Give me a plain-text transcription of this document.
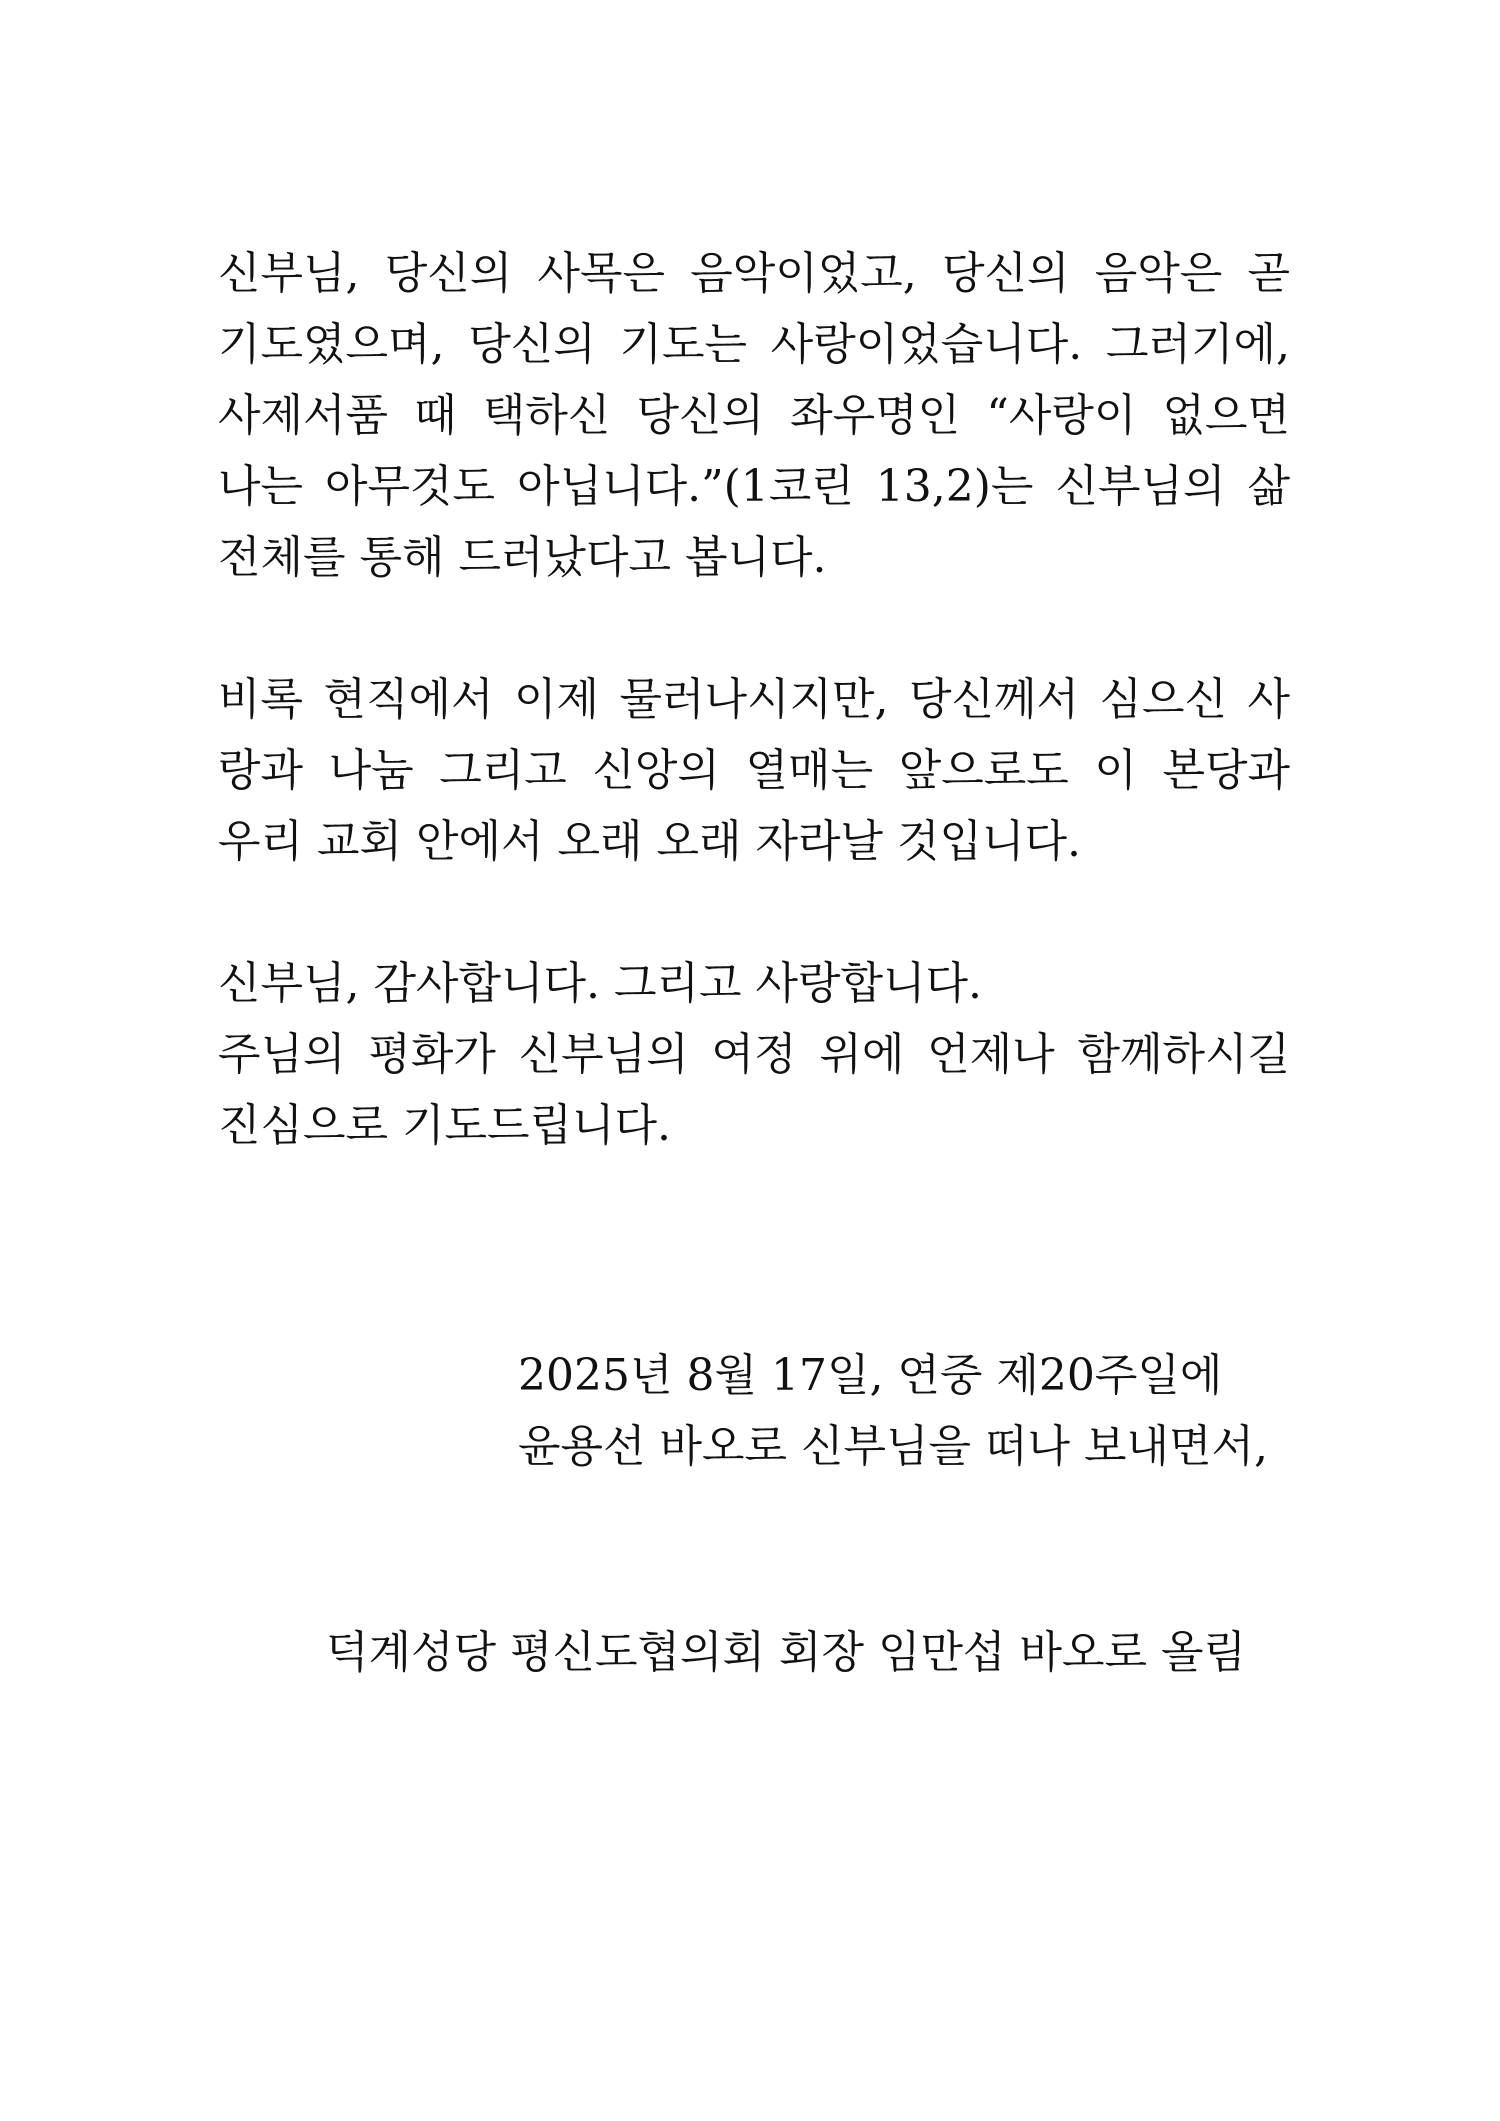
신부님, 당신의 사목은 음악이었고, 당신의 음악은 곧
기도였으며, 당신의 기도는 사랑이었습니다. 그러기에,
사제서품 때 택하신 당신의 좌우명인 “사랑이 없으면
나는 아무것도 아닙니다.”(1코린 13,2)는 신부님의 삶
전체를 통해 드러났다고 봅니다.
비록 현직에서 이제 물러나시지만, 당신께서 심으신 사
랑과 나눔 그리고 신앙의 열매는 앞으로도 이 본당과
우리 교회 안에서 오래 오래 자라날 것입니다.
신부님, 감사합니다. 그리고 사랑합니다.
주님의 평화가 신부님의 여정 위에 언제나 함께하시길
진심으로 기도드립니다.
2025년 8월 17일, 연중 제20주일에
윤용선 바오로 신부님을 떠나 보내면서,
덕계성당 평신도협의회 회장 임만섭 바오로 올림
